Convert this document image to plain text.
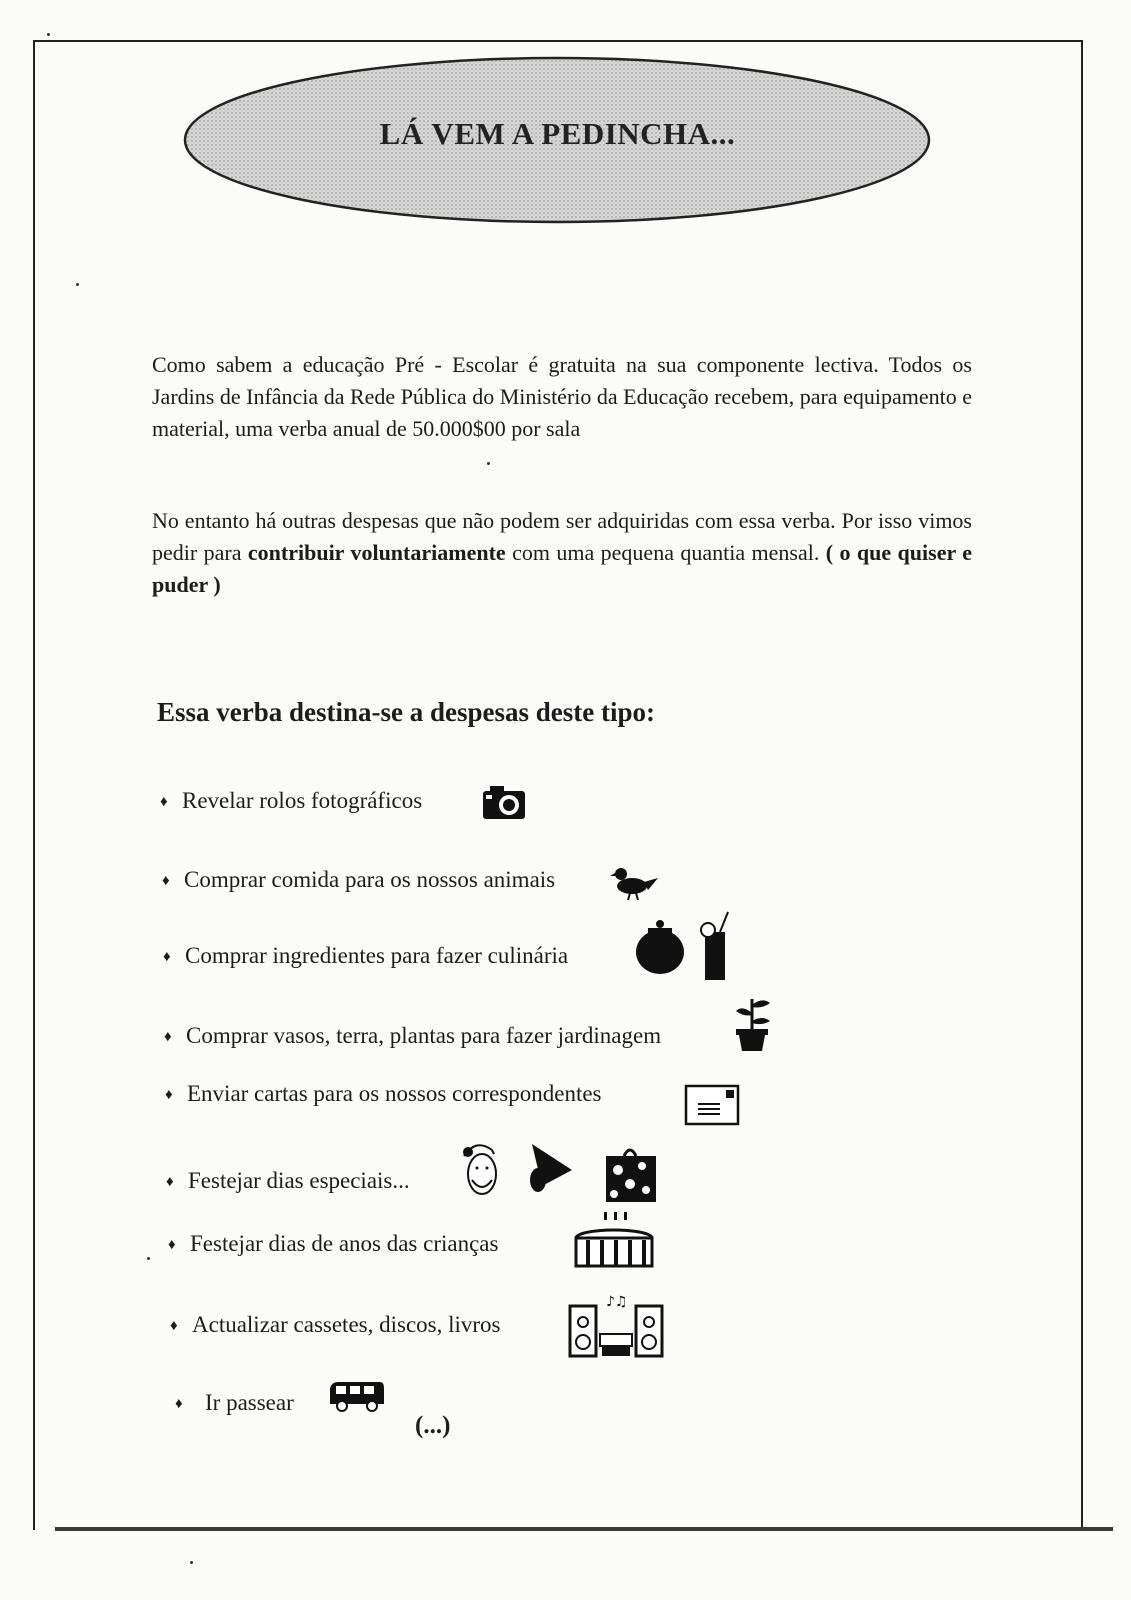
LÁ VEM A PEDINCHA...

Como sabem a educação Pré - Escolar é gratuita na sua componente lectiva. Todos os Jardins de Infância da Rede Pública do Ministério da Educação recebem, para equipamento e material, uma verba anual de 50.000$00 por sala

No entanto há outras despesas que não podem ser adquiridas com essa verba. Por isso vimos pedir para contribuir voluntariamente com uma pequena quantia mensal. ( o que quiser e puder )

Essa verba destina-se a despesas deste tipo:
♦ Revelar rolos fotográficos
♦ Comprar comida para os nossos animais
♦ Comprar ingredientes para fazer culinária
♦ Comprar vasos, terra, plantas para fazer jardinagem
♦ Enviar cartas para os nossos correspondentes
♦ Festejar dias especiais...
♦ Festejar dias de anos das crianças
♦ Actualizar cassetes, discos, livros
♦ Ir passear
(...)
♪♫
